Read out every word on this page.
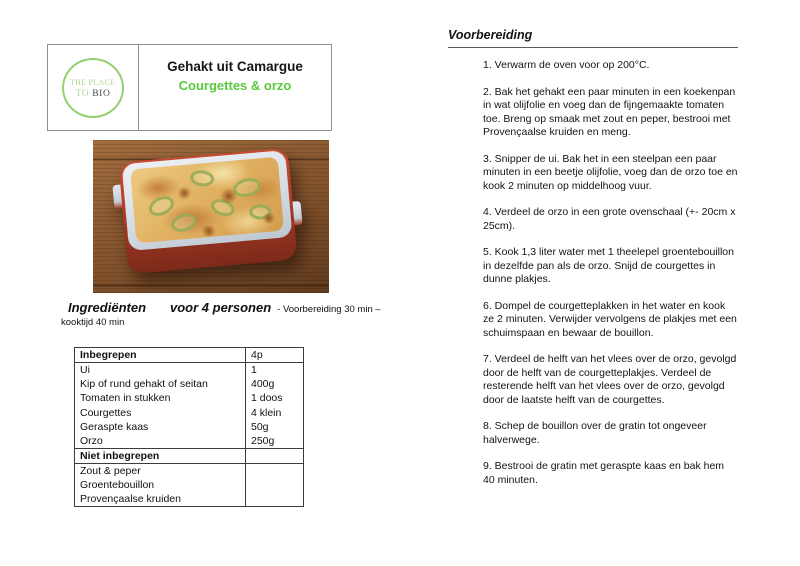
THE PLACE
TO BIO
Gehakt uit Camargue
Courgettes & orzo
Ingrediënten voor 4 personen - Voorbereiding 30 min –
kooktijd 40 min
Inbegrepen	4p
Ui	1
Kip of rund gehakt of seitan	400g
Tomaten in stukken	1 doos
Courgettes	4 klein
Geraspte kaas	50g
Orzo	250g
Niet inbegrepen	
Zout & peper	
Groentebouillon	
Provençaalse kruiden	
Voorbereiding

1. Verwarm de oven voor op 200°C.

2. Bak het gehakt een paar minuten in een koekenpan in wat olijfolie en voeg dan de fijngemaakte tomaten toe. Breng op smaak met zout en peper, bestrooi met Provençaalse kruiden en meng.

3. Snipper de ui. Bak het in een steelpan een paar minuten in een beetje olijfolie, voeg dan de orzo toe en kook 2 minuten op middelhoog vuur.

4. Verdeel de orzo in een grote ovenschaal (+- 20cm x 25cm).

5. Kook 1,3 liter water met 1 theelepel groentebouillon in dezelfde pan als de orzo. Snijd de courgettes in dunne plakjes.

6. Dompel de courgetteplakken in het water en kook ze 2 minuten. Verwijder vervolgens de plakjes met een schuimspaan en bewaar de bouillon.

7. Verdeel de helft van het vlees over de orzo, gevolgd door de helft van de courgetteplakjes. Verdeel de resterende helft van het vlees over de orzo, gevolgd door de laatste helft van de courgettes.

8. Schep de bouillon over de gratin tot ongeveer halverwege.

9. Bestrooi de gratin met geraspte kaas en bak hem 40 minuten.
